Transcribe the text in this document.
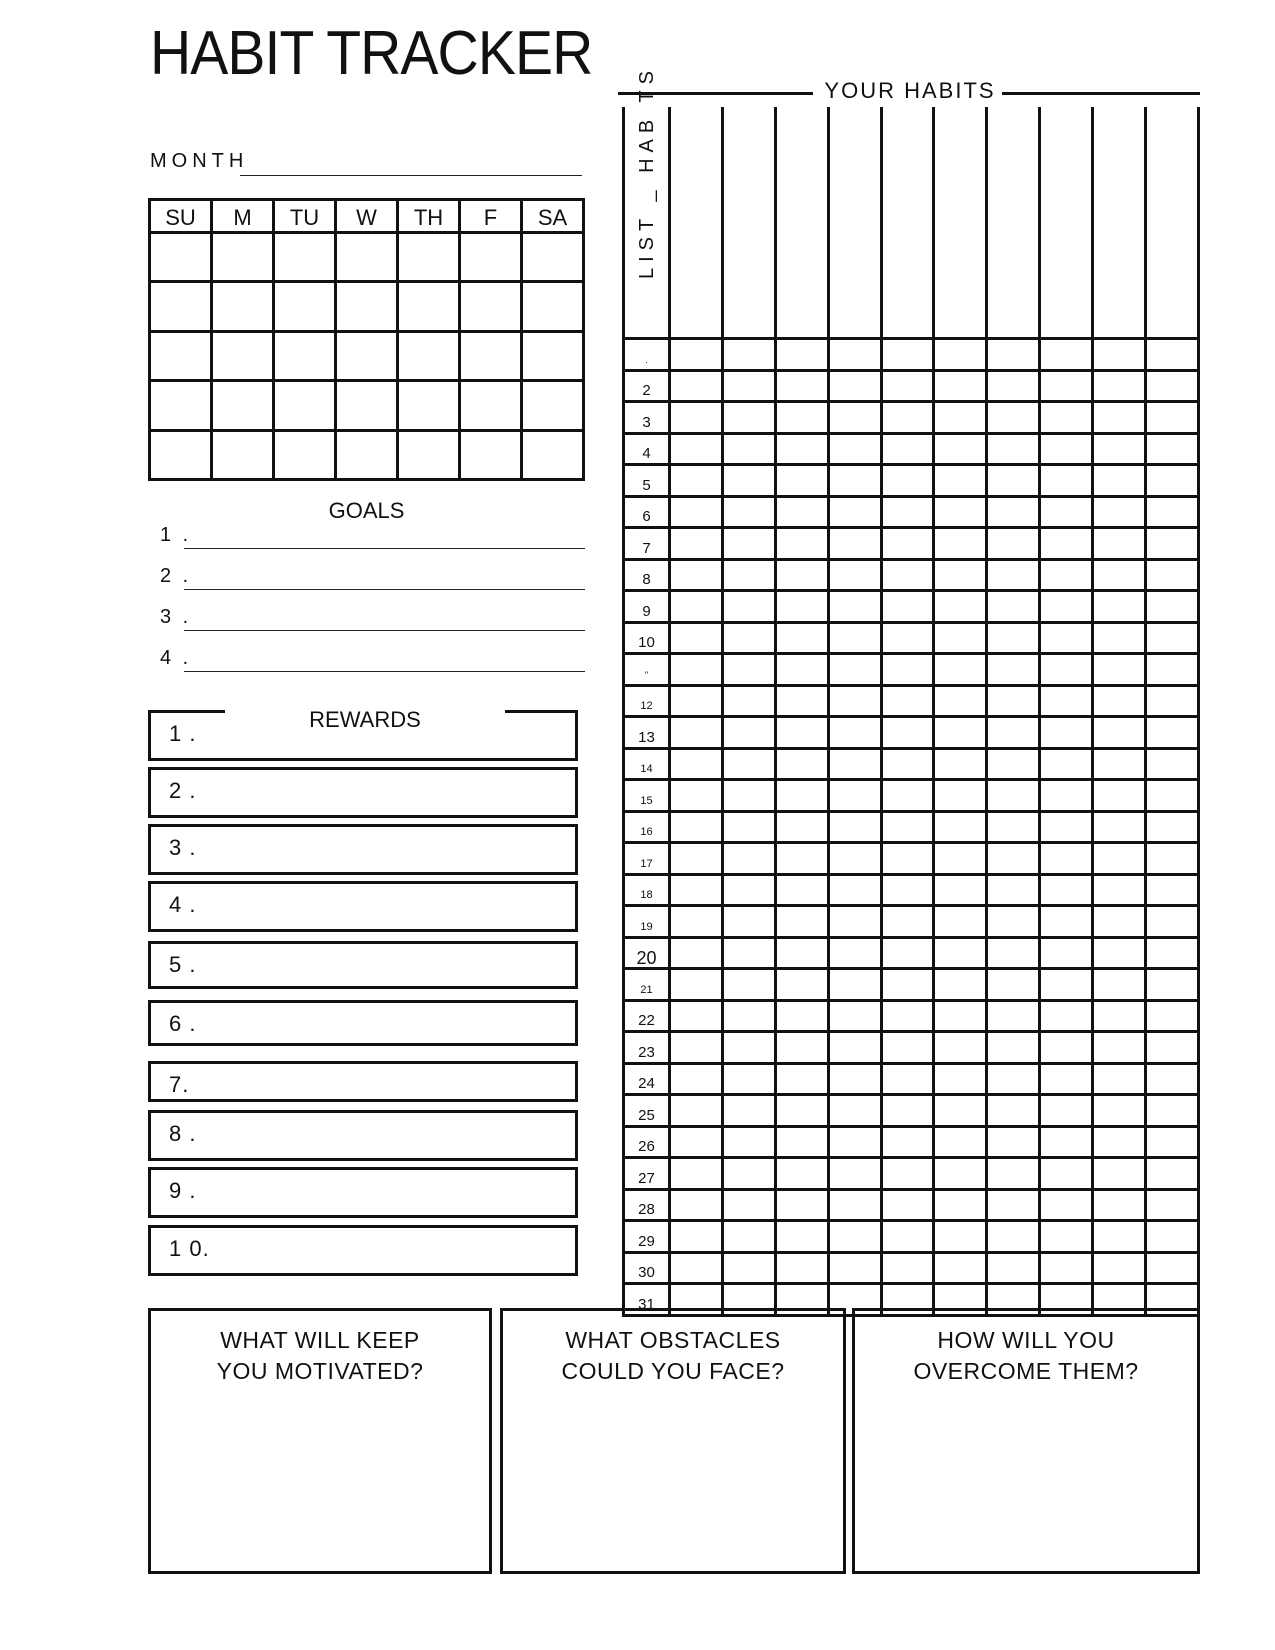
HABIT TRACKER
MONTH
SU	M	TU	W	TH	F	SA

GOALS
1 .
2 .
3 .
4 .
1 .
2 .
3 .
4 .
5 .
6 .
7.
8 .
9 .
1 0.
REWARDS
YOUR HABITS
LIST _ HAB TS										

.										
2										
3										
4										
5										
6										
7										
8										
9										
10										
"										
12										
13										
14										
15										
16										
17										
18										
19										
20										
21										
22										
23										
24										
25										
26										
27										
28										
29										
30										
31										
WHAT WILL KEEP
YOU MOTIVATED?
WHAT OBSTACLES
COULD YOU FACE?
HOW WILL YOU
OVERCOME THEM?
